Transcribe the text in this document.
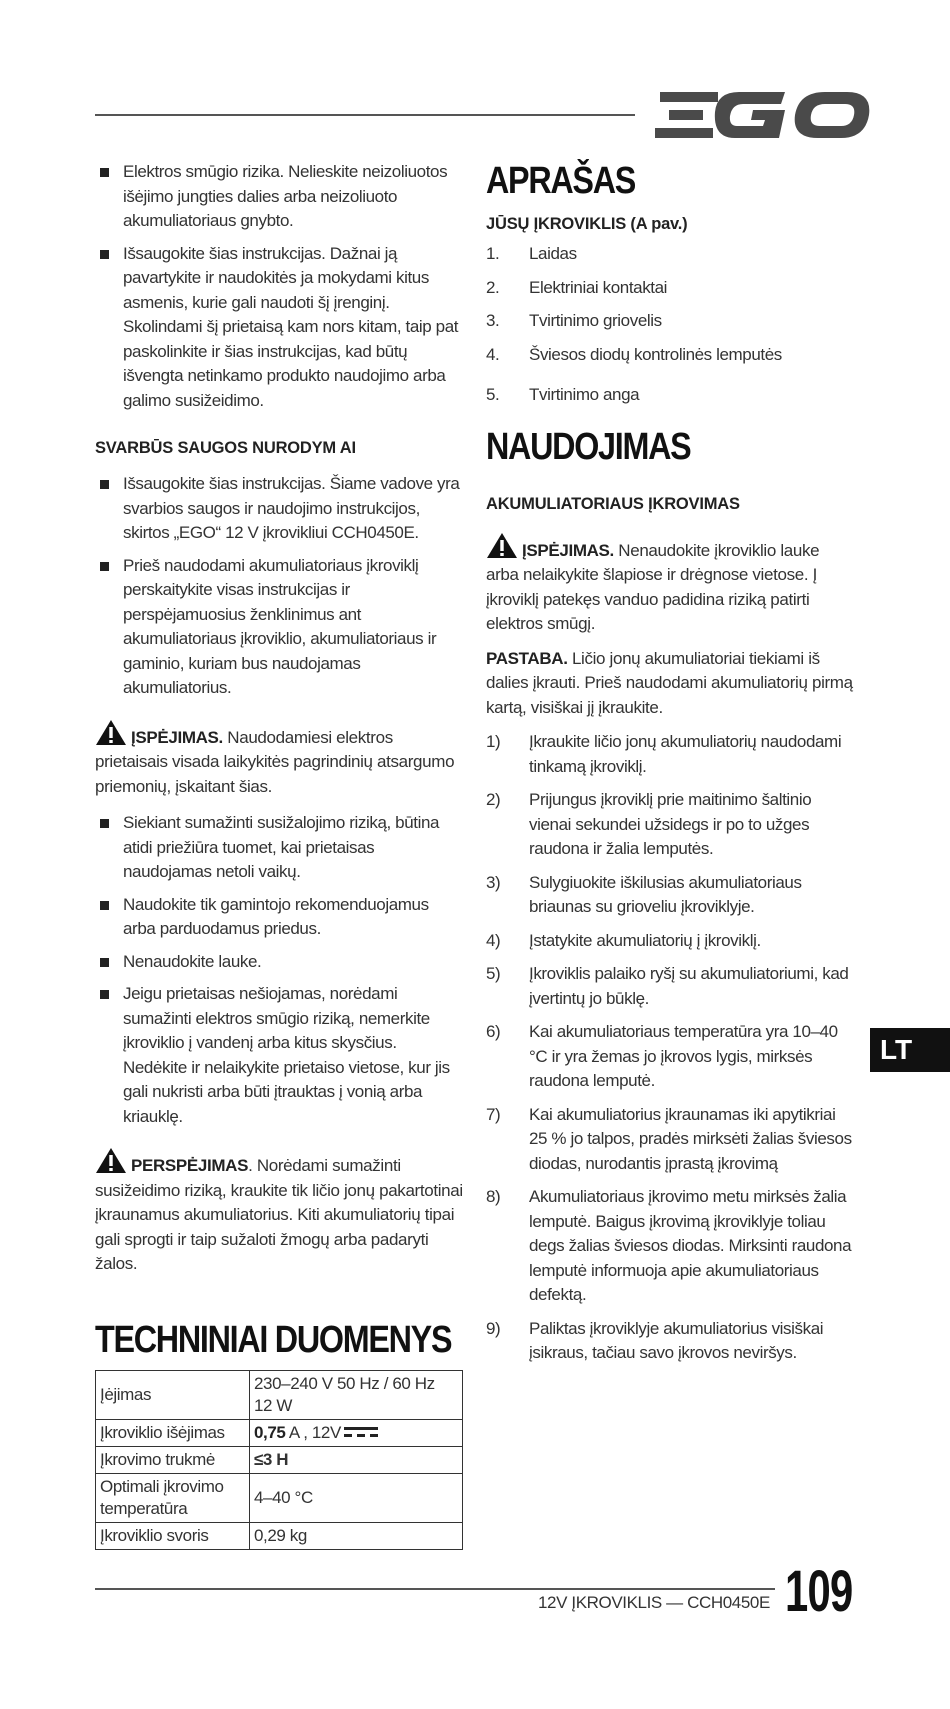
Elektros smūgio rizika. Nelieskite neizoliuotos išėjimo jungties dalies arba neizoliuoto akumuliatoriaus gnybto.
Išsaugokite šias instrukcijas. Dažnai ją pavartykite ir naudokitės ja mokydami kitus asmenis, kurie gali naudoti šį įrenginį. Skolindami šį prietaisą kam nors kitam, taip pat paskolinkite ir šias instrukcijas, kad būtų išvengta netinkamo produkto naudojimo arba galimo susižeidimo.
SVARBŪS SAUGOS NURODYM AI
Išsaugokite šias instrukcijas. Šiame vadove yra svarbios saugos ir naudojimo instrukcijos, skirtos „EGO“ 12 V įkrovikliui CCH0450E.
Prieš naudodami akumuliatoriaus įkroviklį perskaitykite visas instrukcijas ir perspėjamuosius ženklinimus ant akumuliatoriaus įkroviklio, akumuliatoriaus ir gaminio, kuriam bus naudojamas akumuliatorius.

ĮSPĖJIMAS. Naudodamiesi elektros prietaisais visada laikykitės pagrindinių atsargumo priemonių, įskaitant šias.

Siekiant sumažinti susižalojimo riziką, būtina atidi priežiūra tuomet, kai prietaisas naudojamas netoli vaikų.
Naudokite tik gamintojo rekomenduojamus arba parduodamus priedus.
Nenaudokite lauke.
Jeigu prietaisas nešiojamas, norėdami sumažinti elektros smūgio riziką, nemerkite įkroviklio į vandenį arba kitus skysčius. Nedėkite ir nelaikykite prietaiso vietose, kur jis gali nukristi arba būti įtrauktas į vonią arba kriauklę.

PERSPĖJIMAS. Norėdami sumažinti susižeidimo riziką, kraukite tik ličio jonų pakartotinai įkraunamus akumuliatorius. Kiti akumuliatorių tipai gali sprogti ir taip sužaloti žmogų arba padaryti žalos.

TECHNINIAI DUOMENYS
Įėjimas	230–240 V 50 Hz / 60 Hz
12 W

Įkroviklio išėjimas	0,75 A , 12V
Įkrovimo trukmė	≤3 H

Optimali įkrovimo
temperatūra	4–40 °C
Įkroviklio svoris	0,29 kg
APRAŠAS
JŪSŲ ĮKROVIKLIS (A pav.)
1. Laidas
2. Elektriniai kontaktai
3. Tvirtinimo griovelis
4. Šviesos diodų kontrolinės lemputės
5. Tvirtinimo anga
NAUDOJIMAS
AKUMULIATORIAUS ĮKROVIMAS

ĮSPĖJIMAS. Nenaudokite įkroviklio lauke arba nelaikykite šlapiose ir drėgnose vietose. Į įkroviklį patekęs vanduo padidina riziką patirti elektros smūgį.

PASTABA. Ličio jonų akumuliatoriai tiekiami iš dalies įkrauti. Prieš naudodami akumuliatorių pirmą kartą, visiškai jį įkraukite.

1) Įkraukite ličio jonų akumuliatorių naudodami tinkamą įkroviklį.
2) Prijungus įkroviklį prie maitinimo šaltinio vienai sekundei užsidegs ir po to užges raudona ir žalia lemputės.
3) Sulygiuokite iškilusias akumuliatoriaus briaunas su grioveliu įkroviklyje.
4) Įstatykite akumuliatorių į įkroviklį.
5) Įkroviklis palaiko ryšį su akumuliatoriumi, kad įvertintų jo būklę.
6) Kai akumuliatoriaus temperatūra yra 10–40 °C ir yra žemas jo įkrovos lygis, mirksės raudona lemputė.
7) Kai akumuliatorius įkraunamas iki apytikriai 25 % jo talpos, pradės mirksėti žalias šviesos diodas, nurodantis įprastą įkrovimą
8) Akumuliatoriaus įkrovimo metu mirksės žalia lemputė. Baigus įkrovimą įkroviklyje toliau degs žalias šviesos diodas. Mirksinti raudona lemputė informuoja apie akumuliatoriaus defektą.
9) Paliktas įkroviklyje akumuliatorius visiškai įsikraus, tačiau savo įkrovos neviršys.
LT
12V ĮKROVIKLIS — CCH0450E 109
